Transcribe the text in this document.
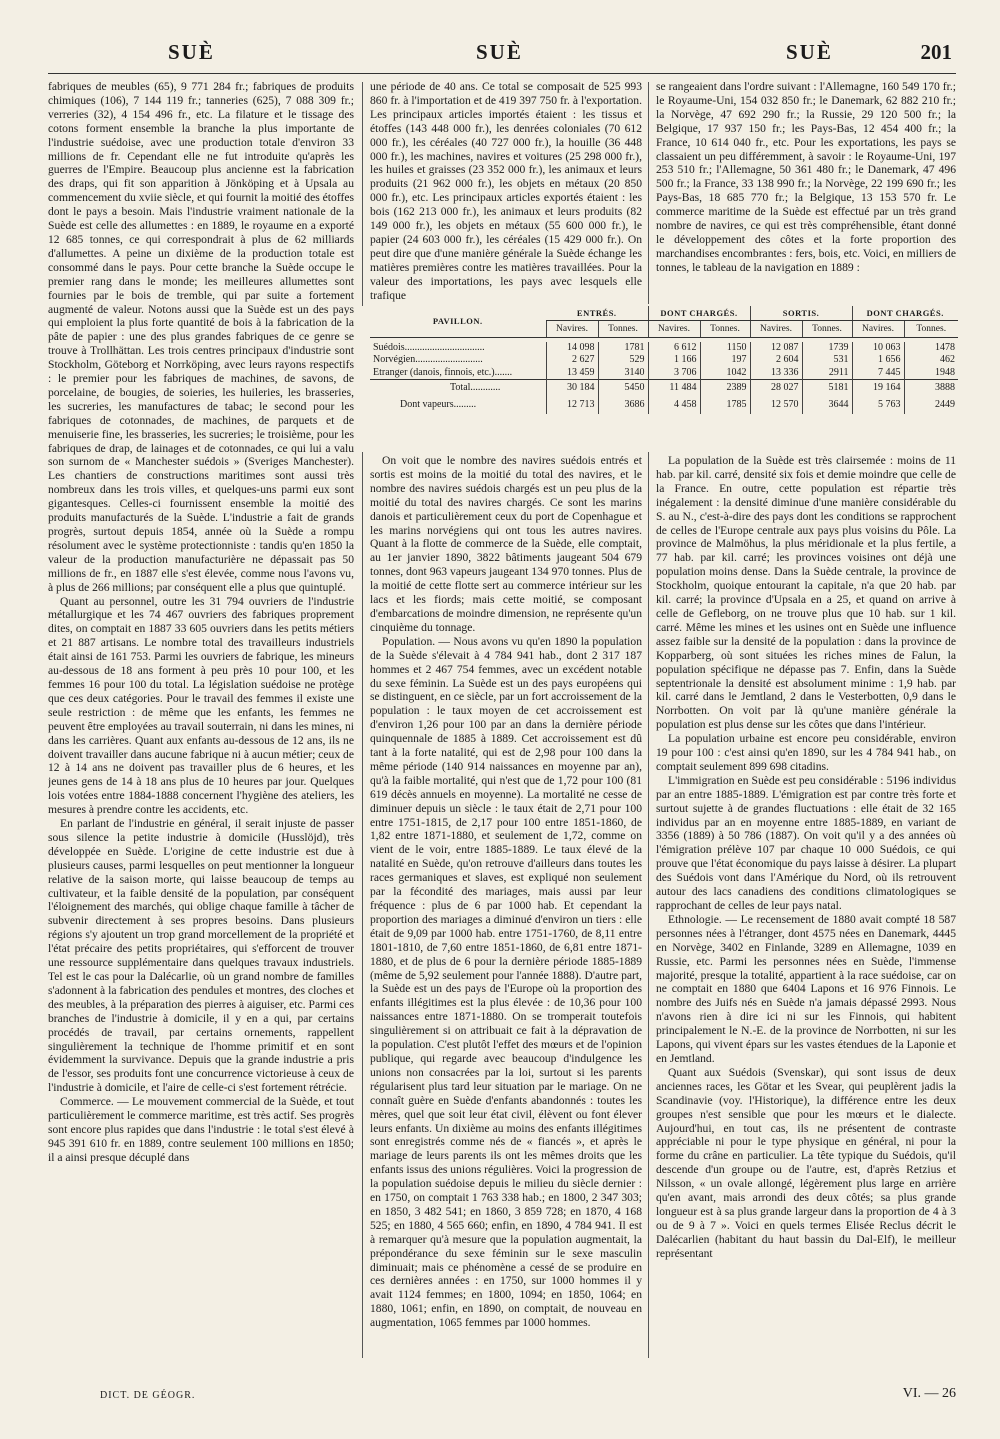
SUÈ	SUÈ	SUÈ	201

fabriques de meubles (65), 9 771 284 fr.; fabriques de produits chimiques (106), 7 144 119 fr.; tanneries (625), 7 088 309 fr.; verreries (32), 4 154 496 fr., etc. La filature et le tissage des cotons forment ensemble la branche la plus importante de l'industrie suédoise, avec une production totale d'environ 33 millions de fr. Cependant elle ne fut introduite qu'après les guerres de l'Empire. Beaucoup plus ancienne est la fabrication des draps, qui fit son apparition à Jönköping et à Upsala au commencement du xviie siècle, et qui fournit la moitié des étoffes dont le pays a besoin. Mais l'industrie vraiment nationale de la Suède est celle des allumettes : en 1889, le royaume en a exporté 12 685 tonnes, ce qui correspondrait à plus de 62 milliards d'allumettes. A peine un dixième de la production totale est consommé dans le pays. Pour cette branche la Suède occupe le premier rang dans le monde; les meilleures allumettes sont fournies par le bois de tremble, qui par suite a fortement augmenté de valeur. Notons aussi que la Suède est un des pays qui emploient la plus forte quantité de bois à la fabrication de la pâte de papier : une des plus grandes fabriques de ce genre se trouve à Trollhättan. Les trois centres principaux d'industrie sont Stockholm, Göteborg et Norrköping, avec leurs rayons respectifs : le premier pour les fabriques de machines, de savons, de porcelaine, de bougies, de soieries, les huileries, les brasseries, les sucreries, les manufactures de tabac; le second pour les fabriques de cotonnades, de machines, de parquets et de menuiserie fine, les brasseries, les sucreries; le troisième, pour les fabriques de drap, de lainages et de cotonnades, ce qui lui a valu son surnom de « Manchester suédois » (Sveriges Manchester). Les chantiers de constructions maritimes sont aussi très nombreux dans les trois villes, et quelques-uns parmi eux sont gigantesques. Celles-ci fournissent ensemble la moitié des produits manufacturés de la Suède. L'industrie a fait de grands progrès, surtout depuis 1854, année où la Suède a rompu résolument avec le système protectionniste : tandis qu'en 1850 la valeur de la production manufacturière ne dépassait pas 50 millions de fr., en 1887 elle s'est élevée, comme nous l'avons vu, à plus de 266 millions; par conséquent elle a plus que quintuplé.

Quant au personnel, outre les 31 794 ouvriers de l'industrie métallurgique et les 74 467 ouvriers des fabriques proprement dites, on comptait en 1887 33 605 ouvriers dans les petits métiers et 21 887 artisans. Le nombre total des travailleurs industriels était ainsi de 161 753. Parmi les ouvriers de fabrique, les mineurs au-dessous de 18 ans forment à peu près 10 pour 100, et les femmes 16 pour 100 du total. La législation suédoise ne protège que ces deux catégories. Pour le travail des femmes il existe une seule restriction : de même que les enfants, les femmes ne peuvent être employées au travail souterrain, ni dans les mines, ni dans les carrières. Quant aux enfants au-dessous de 12 ans, ils ne doivent travailler dans aucune fabrique ni à aucun métier; ceux de 12 à 14 ans ne doivent pas travailler plus de 6 heures, et les jeunes gens de 14 à 18 ans plus de 10 heures par jour. Quelques lois votées entre 1884-1888 concernent l'hygiène des ateliers, les mesures à prendre contre les accidents, etc.

En parlant de l'industrie en général, il serait injuste de passer sous silence la petite industrie à domicile (Husslöjd), très développée en Suède. L'origine de cette industrie est due à plusieurs causes, parmi lesquelles on peut mentionner la longueur relative de la saison morte, qui laisse beaucoup de temps au cultivateur, et la faible densité de la population, par conséquent l'éloignement des marchés, qui oblige chaque famille à tâcher de subvenir directement à ses propres besoins. Dans plusieurs régions s'y ajoutent un trop grand morcellement de la propriété et l'état précaire des petits propriétaires, qui s'efforcent de trouver une ressource supplémentaire dans quelques travaux industriels. Tel est le cas pour la Dalécarlie, où un grand nombre de familles s'adonnent à la fabrication des pendules et montres, des cloches et des meubles, à la préparation des pierres à aiguiser, etc. Parmi ces branches de l'industrie à domicile, il y en a qui, par certains procédés de travail, par certains ornements, rappellent singulièrement la technique de l'homme primitif et en sont évidemment la survivance. Depuis que la grande industrie a pris de l'essor, ses produits font une concurrence victorieuse à ceux de l'industrie à domicile, et l'aire de celle-ci s'est fortement rétrécie.

Commerce. — Le mouvement commercial de la Suède, et tout particulièrement le commerce maritime, est très actif. Ses progrès sont encore plus rapides que dans l'industrie : le total s'est élevé à 945 391 610 fr. en 1889, contre seulement 100 millions en 1850; il a ainsi presque décuplé dans

une période de 40 ans. Ce total se composait de 525 993 860 fr. à l'importation et de 419 397 750 fr. à l'exportation. Les principaux articles importés étaient : les tissus et étoffes (143 448 000 fr.), les denrées coloniales (70 612 000 fr.), les céréales (40 727 000 fr.), la houille (36 448 000 fr.), les machines, navires et voitures (25 298 000 fr.), les huiles et graisses (23 352 000 fr.), les animaux et leurs produits (21 962 000 fr.), les objets en métaux (20 850 000 fr.), etc. Les principaux articles exportés étaient : les bois (162 213 000 fr.), les animaux et leurs produits (82 149 000 fr.), les objets en métaux (55 600 000 fr.), le papier (24 603 000 fr.), les céréales (15 429 000 fr.). On peut dire que d'une manière générale la Suède échange les matières premières contre les matières travaillées. Pour la valeur des importations, les pays avec lesquels elle trafique

se rangeaient dans l'ordre suivant : l'Allemagne, 160 549 170 fr.; le Royaume-Uni, 154 032 850 fr.; le Danemark, 62 882 210 fr.; la Norvège, 47 692 290 fr.; la Russie, 29 120 500 fr.; la Belgique, 17 937 150 fr.; les Pays-Bas, 12 454 400 fr.; la France, 10 614 040 fr., etc. Pour les exportations, les pays se classaient un peu différemment, à savoir : le Royaume-Uni, 197 253 510 fr.; l'Allemagne, 50 361 480 fr.; le Danemark, 47 496 500 fr.; la France, 33 138 990 fr.; la Norvège, 22 199 690 fr.; les Pays-Bas, 18 685 770 fr.; la Belgique, 13 153 570 fr. Le commerce maritime de la Suède est effectué par un très grand nombre de navires, ce qui est très compréhensible, étant donné le développement des côtes et la forte proportion des marchandises encombrantes : fers, bois, etc. Voici, en milliers de tonnes, le tableau de la navigation en 1889 :

PAVILLON.	ENTRÉS.		DONT CHARGÉS.		SORTIS.		DONT CHARGÉS.	
	Navires.	Tonnes.	Navires.	Tonnes.	Navires.	Tonnes.	Navires.	Tonnes.

Suédois................................	14 098	1781	6 612	1150	12 087	1739	10 063	1478
Norvégien...........................	2 627	529	1 166	197	2 604	531	1 656	462
Etranger (danois, finnois, etc.).......	13 459	3140	3 706	1042	13 336	2911	7 445	1948
Total............	30 184	5450	11 484	2389	28 027	5181	19 164	3888
Dont vapeurs.........	12 713	3686	4 458	1785	12 570	3644	5 763	2449

On voit que le nombre des navires suédois entrés et sortis est moins de la moitié du total des navires, et le nombre des navires suédois chargés est un peu plus de la moitié du total des navires chargés. Ce sont les marins danois et particulièrement ceux du port de Copenhague et les marins norvégiens qui ont tous les autres navires. Quant à la flotte de commerce de la Suède, elle comptait, au 1er janvier 1890, 3822 bâtiments jaugeant 504 679 tonnes, dont 963 vapeurs jaugeant 134 970 tonnes. Plus de la moitié de cette flotte sert au commerce intérieur sur les lacs et les fiords; mais cette moitié, se composant d'embarcations de moindre dimension, ne représente qu'un cinquième du tonnage.

Population. — Nous avons vu qu'en 1890 la population de la Suède s'élevait à 4 784 941 hab., dont 2 317 187 hommes et 2 467 754 femmes, avec un excédent notable du sexe féminin. La Suède est un des pays européens qui se distinguent, en ce siècle, par un fort accroissement de la population : le taux moyen de cet accroissement est d'environ 1,26 pour 100 par an dans la dernière période quinquennale de 1885 à 1889. Cet accroissement est dû tant à la forte natalité, qui est de 2,98 pour 100 dans la même période (140 914 naissances en moyenne par an), qu'à la faible mortalité, qui n'est que de 1,72 pour 100 (81 619 décès annuels en moyenne). La mortalité ne cesse de diminuer depuis un siècle : le taux était de 2,71 pour 100 entre 1751-1815, de 2,17 pour 100 entre 1851-1860, de 1,82 entre 1871-1880, et seulement de 1,72, comme on vient de le voir, entre 1885-1889. Le taux élevé de la natalité en Suède, qu'on retrouve d'ailleurs dans toutes les races germaniques et slaves, est expliqué non seulement par la fécondité des mariages, mais aussi par leur fréquence : plus de 6 par 1000 hab. Et cependant la proportion des mariages a diminué d'environ un tiers : elle était de 9,09 par 1000 hab. entre 1751-1760, de 8,11 entre 1801-1810, de 7,60 entre 1851-1860, de 6,81 entre 1871-1880, et de plus de 6 pour la dernière période 1885-1889 (même de 5,92 seulement pour l'année 1888). D'autre part, la Suède est un des pays de l'Europe où la proportion des enfants illégitimes est la plus élevée : de 10,36 pour 100 naissances entre 1871-1880. On se tromperait toutefois singulièrement si on attribuait ce fait à la dépravation de la population. C'est plutôt l'effet des mœurs et de l'opinion publique, qui regarde avec beaucoup d'indulgence les unions non consacrées par la loi, surtout si les parents régularisent plus tard leur situation par le mariage. On ne connaît guère en Suède d'enfants abandonnés : toutes les mères, quel que soit leur état civil, élèvent ou font élever leurs enfants. Un dixième au moins des enfants illégitimes sont enregistrés comme nés de « fiancés », et après le mariage de leurs parents ils ont les mêmes droits que les enfants issus des unions régulières. Voici la progression de la population suédoise depuis le milieu du siècle dernier : en 1750, on comptait 1 763 338 hab.; en 1800, 2 347 303; en 1850, 3 482 541; en 1860, 3 859 728; en 1870, 4 168 525; en 1880, 4 565 660; enfin, en 1890, 4 784 941. Il est à remarquer qu'à mesure que la population augmentait, la prépondérance du sexe féminin sur le sexe masculin diminuait; mais ce phénomène a cessé de se produire en ces dernières années : en 1750, sur 1000 hommes il y avait 1124 femmes; en 1800, 1094; en 1850, 1064; en 1880, 1061; enfin, en 1890, on comptait, de nouveau en augmentation, 1065 femmes par 1000 hommes.

La population de la Suède est très clairsemée : moins de 11 hab. par kil. carré, densité six fois et demie moindre que celle de la France. En outre, cette population est répartie très inégalement : la densité diminue d'une manière considérable du S. au N., c'est-à-dire des pays dont les conditions se rapprochent de celles de l'Europe centrale aux pays plus voisins du Pôle. La province de Malmöhus, la plus méridionale et la plus fertile, a 77 hab. par kil. carré; les provinces voisines ont déjà une population moins dense. Dans la Suède centrale, la province de Stockholm, quoique entourant la capitale, n'a que 20 hab. par kil. carré; la province d'Upsala en a 25, et quand on arrive à celle de Gefleborg, on ne trouve plus que 10 hab. sur 1 kil. carré. Même les mines et les usines ont en Suède une influence assez faible sur la densité de la population : dans la province de Kopparberg, où sont situées les riches mines de Falun, la population spécifique ne dépasse pas 7. Enfin, dans la Suède septentrionale la densité est absolument minime : 1,9 hab. par kil. carré dans le Jemtland, 2 dans le Vesterbotten, 0,9 dans le Norrbotten. On voit par là qu'une manière générale la population est plus dense sur les côtes que dans l'intérieur.

La population urbaine est encore peu considérable, environ 19 pour 100 : c'est ainsi qu'en 1890, sur les 4 784 941 hab., on comptait seulement 899 698 citadins.

L'immigration en Suède est peu considérable : 5196 individus par an entre 1885-1889. L'émigration est par contre très forte et surtout sujette à de grandes fluctuations : elle était de 32 165 individus par an en moyenne entre 1885-1889, en variant de 3356 (1889) à 50 786 (1887). On voit qu'il y a des années où l'émigration prélève 107 par chaque 10 000 Suédois, ce qui prouve que l'état économique du pays laisse à désirer. La plupart des Suédois vont dans l'Amérique du Nord, où ils retrouvent autour des lacs canadiens des conditions climatologiques se rapprochant de celles de leur pays natal.

Ethnologie. — Le recensement de 1880 avait compté 18 587 personnes nées à l'étranger, dont 4575 nées en Danemark, 4445 en Norvège, 3402 en Finlande, 3289 en Allemagne, 1039 en Russie, etc. Parmi les personnes nées en Suède, l'immense majorité, presque la totalité, appartient à la race suédoise, car on ne comptait en 1880 que 6404 Lapons et 16 976 Finnois. Le nombre des Juifs nés en Suède n'a jamais dépassé 2993. Nous n'avons rien à dire ici ni sur les Finnois, qui habitent principalement le N.-E. de la province de Norrbotten, ni sur les Lapons, qui vivent épars sur les vastes étendues de la Laponie et en Jemtland.

Quant aux Suédois (Svenskar), qui sont issus de deux anciennes races, les Götar et les Svear, qui peuplèrent jadis la Scandinavie (voy. l'Historique), la différence entre les deux groupes n'est sensible que pour les mœurs et le dialecte. Aujourd'hui, en tout cas, ils ne présentent de contraste appréciable ni pour le type physique en général, ni pour la forme du crâne en particulier. La tête typique du Suédois, qu'il descende d'un groupe ou de l'autre, est, d'après Retzius et Nilsson, « un ovale allongé, légèrement plus large en arrière qu'en avant, mais arrondi des deux côtés; sa plus grande longueur est à sa plus grande largeur dans la proportion de 4 à 3 ou de 9 à 7 ». Voici en quels termes Elisée Reclus décrit le Dalécarlien (habitant du haut bassin du Dal-Elf), le meilleur représentant

DICT. DE GÉOGR.	VI. — 26
